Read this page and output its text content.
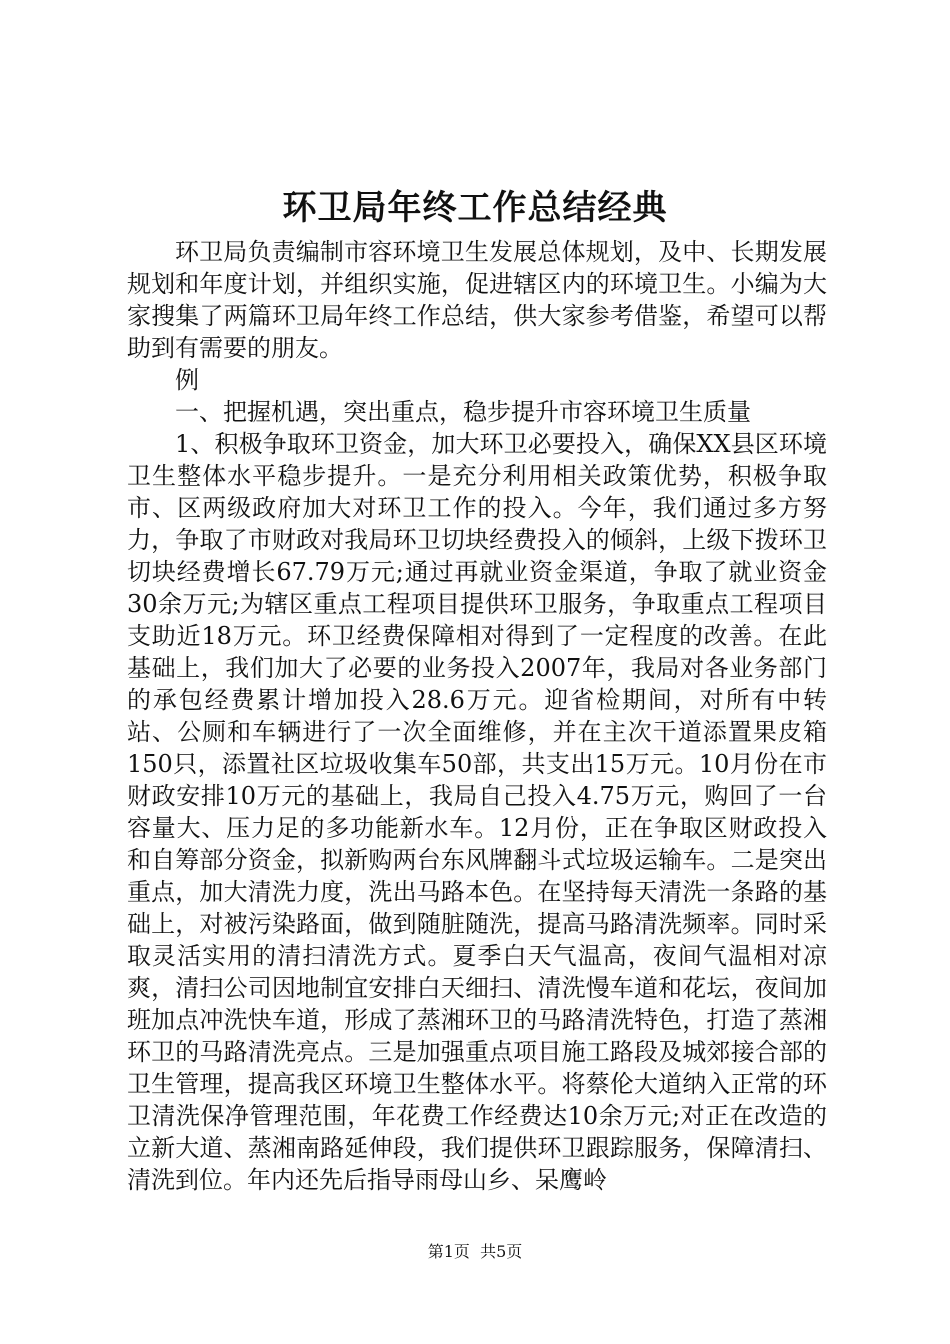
环卫局年终工作总结经典

环卫局负责编制市容环境卫生发展总体规划，及中、长期发展规划和年度计划，并组织实施，促进辖区内的环境卫生。小编为大家搜集了两篇环卫局年终工作总结，供大家参考借鉴，希望可以帮助到有需要的朋友。

例

一、把握机遇，突出重点，稳步提升市容环境卫生质量

1、积极争取环卫资金，加大环卫必要投入，确保XX县区环境卫生整体水平稳步提升。一是充分利用相关政策优势，积极争取市、区两级政府加大对环卫工作的投入。今年，我们通过多方努力，争取了市财政对我局环卫切块经费投入的倾斜，上级下拨环卫切块经费增长67.79万元;通过再就业资金渠道，争取了就业资金30余万元;为辖区重点工程项目提供环卫服务，争取重点工程项目支助近18万元。环卫经费保障相对得到了一定程度的改善。在此基础上，我们加大了必要的业务投入2007年，我局对各业务部门的承包经费累计增加投入28.6万元。迎省检期间，对所有中转站、公厕和车辆进行了一次全面维修，并在主次干道添置果皮箱150只，添置社区垃圾收集车50部，共支出15万元。10月份在市财政安排10万元的基础上，我局自己投入4.75万元，购回了一台容量大、压力足的多功能新水车。12月份，正在争取区财政投入和自筹部分资金，拟新购两台东风牌翻斗式垃圾运输车。二是突出重点，加大清洗力度，洗出马路本色。在坚持每天清洗一条路的基础上，对被污染路面，做到随脏随洗，提高马路清洗频率。同时采取灵活实用的清扫清洗方式。夏季白天气温高，夜间气温相对凉爽，清扫公司因地制宜安排白天细扫、清洗慢车道和花坛，夜间加班加点冲洗快车道，形成了蒸湘环卫的马路清洗特色，打造了蒸湘环卫的马路清洗亮点。三是加强重点项目施工路段及城郊接合部的卫生管理，提高我区环境卫生整体水平。将蔡伦大道纳入正常的环卫清洗保净管理范围，年花费工作经费达10余万元;对正在改造的立新大道、蒸湘南路延伸段，我们提供环卫跟踪服务，保障清扫、清洗到位。年内还先后指导雨母山乡、呆鹰岭

第1页 共5页
